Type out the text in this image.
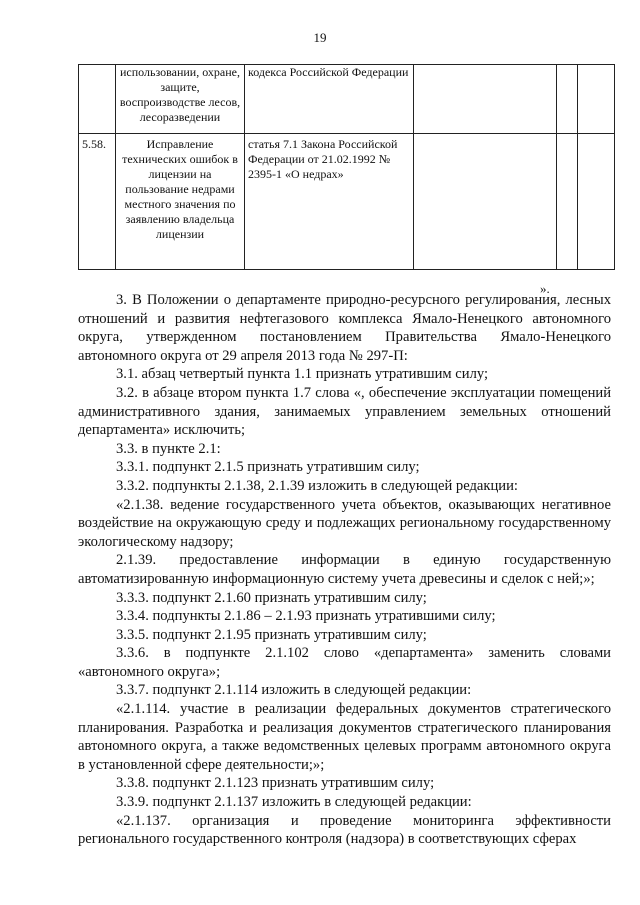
19

	использовании, охране, защите, воспроизводстве лесов, лесоразведении	кодекса Российской Федерации			
5.58.	Исправление технических ошибок в лицензии на пользование недрами местного значения по заявлению владельца лицензии	статья 7.1 Закона Российской Федерации от 21.02.1992 № 2395-1 «О недрах»			
».

3. В Положении о департаменте природно-ресурсного регулирования, лесных отношений и развития нефтегазового комплекса Ямало-Ненецкого автономного округа, утвержденном постановлением Правительства Ямало-Ненецкого автономного округа от 29 апреля 2013 года № 297-П:

3.1. абзац четвертый пункта 1.1 признать утратившим силу;

3.2. в абзаце втором пункта 1.7 слова «, обеспечение эксплуатации помещений административного здания, занимаемых управлением земельных отношений департамента» исключить;

3.3. в пункте 2.1:

3.3.1. подпункт 2.1.5 признать утратившим силу;

3.3.2. подпункты 2.1.38, 2.1.39 изложить в следующей редакции:

«2.1.38. ведение государственного учета объектов, оказывающих негативное воздействие на окружающую среду и подлежащих региональному государственному экологическому надзору;

2.1.39. предоставление информации в единую государственную автоматизированную информационную систему учета древесины и сделок с ней;»;

3.3.3. подпункт 2.1.60 признать утратившим силу;

3.3.4. подпункты 2.1.86 – 2.1.93 признать утратившими силу;

3.3.5. подпункт 2.1.95 признать утратившим силу;

3.3.6. в подпункте 2.1.102 слово «департамента» заменить словами «автономного округа»;

3.3.7. подпункт 2.1.114 изложить в следующей редакции:

«2.1.114. участие в реализации федеральных документов стратегического планирования. Разработка и реализация документов стратегического планирования автономного округа, а также ведомственных целевых программ автономного округа в установленной сфере деятельности;»;

3.3.8. подпункт 2.1.123 признать утратившим силу;

3.3.9. подпункт 2.1.137 изложить в следующей редакции:

«2.1.137. организация и проведение мониторинга эффективности регионального государственного контроля (надзора) в соответствующих сферах
